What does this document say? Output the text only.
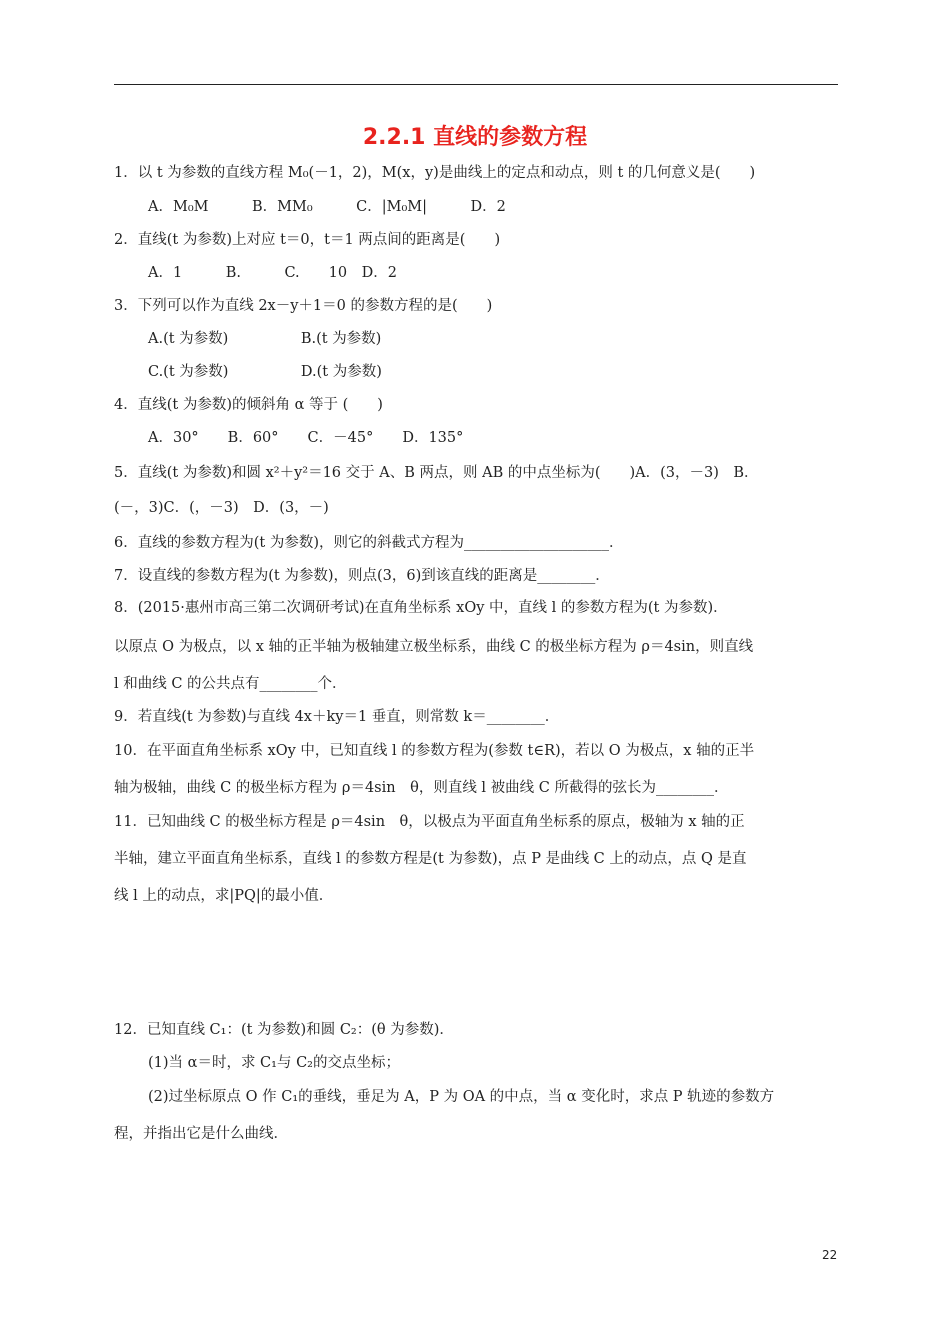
2.2.1 直线的参数方程
1．以 t 为参数的直线方程 M₀(－1，2)，M(x，y)是曲线上的定点和动点，则 t 的几何意义是(　　)
A．M₀M　　　B．MM₀　　　C．|M₀M|　　　D．2
2．直线(t 为参数)上对应 t＝0，t＝1 两点间的距离是(　　)
A．1　　　B.　　　C.　　10　D．2
3．下列可以作为直线 2x－y＋1＝0 的参数方程的是(　　)
A.(t 为参数)　　　　　B.(t 为参数)
C.(t 为参数)　　　　　D.(t 为参数)
4．直线(t 为参数)的倾斜角 α 等于 (　　)
A．30°　　B．60°　　C．－45°　　D．135°
5．直线(t 为参数)和圆 x²＋y²＝16 交于 A、B 两点，则 AB 的中点坐标为(　　)A．(3，－3)　B．
(－，3)C．(，－3)　D．(3，－)
6．直线的参数方程为(t 为参数)，则它的斜截式方程为____________________．
7．设直线的参数方程为(t 为参数)，则点(3，6)到该直线的距离是________．
8．(2015·惠州市高三第二次调研考试)在直角坐标系 xOy 中，直线 l 的参数方程为(t 为参数)．
以原点 O 为极点，以 x 轴的正半轴为极轴建立极坐标系，曲线 C 的极坐标方程为 ρ＝4sin，则直线
l 和曲线 C 的公共点有________个．
9．若直线(t 为参数)与直线 4x＋ky＝1 垂直，则常数 k＝________．
10．在平面直角坐标系 xOy 中，已知直线 l 的参数方程为(参数 t∈R)，若以 O 为极点，x 轴的正半
轴为极轴，曲线 C 的极坐标方程为 ρ＝4sin　θ，则直线 l 被曲线 C 所截得的弦长为________．
11．已知曲线 C 的极坐标方程是 ρ＝4sin　θ，以极点为平面直角坐标系的原点，极轴为 x 轴的正
半轴，建立平面直角坐标系，直线 l 的参数方程是(t 为参数)，点 P 是曲线 C 上的动点，点 Q 是直
线 l 上的动点，求|PQ|的最小值．
12．已知直线 C₁：(t 为参数)和圆 C₂：(θ 为参数)．
(1)当 α＝时，求 C₁与 C₂的交点坐标；
(2)过坐标原点 O 作 C₁的垂线，垂足为 A，P 为 OA 的中点，当 α 变化时，求点 P 轨迹的参数方
程，并指出它是什么曲线．
22
